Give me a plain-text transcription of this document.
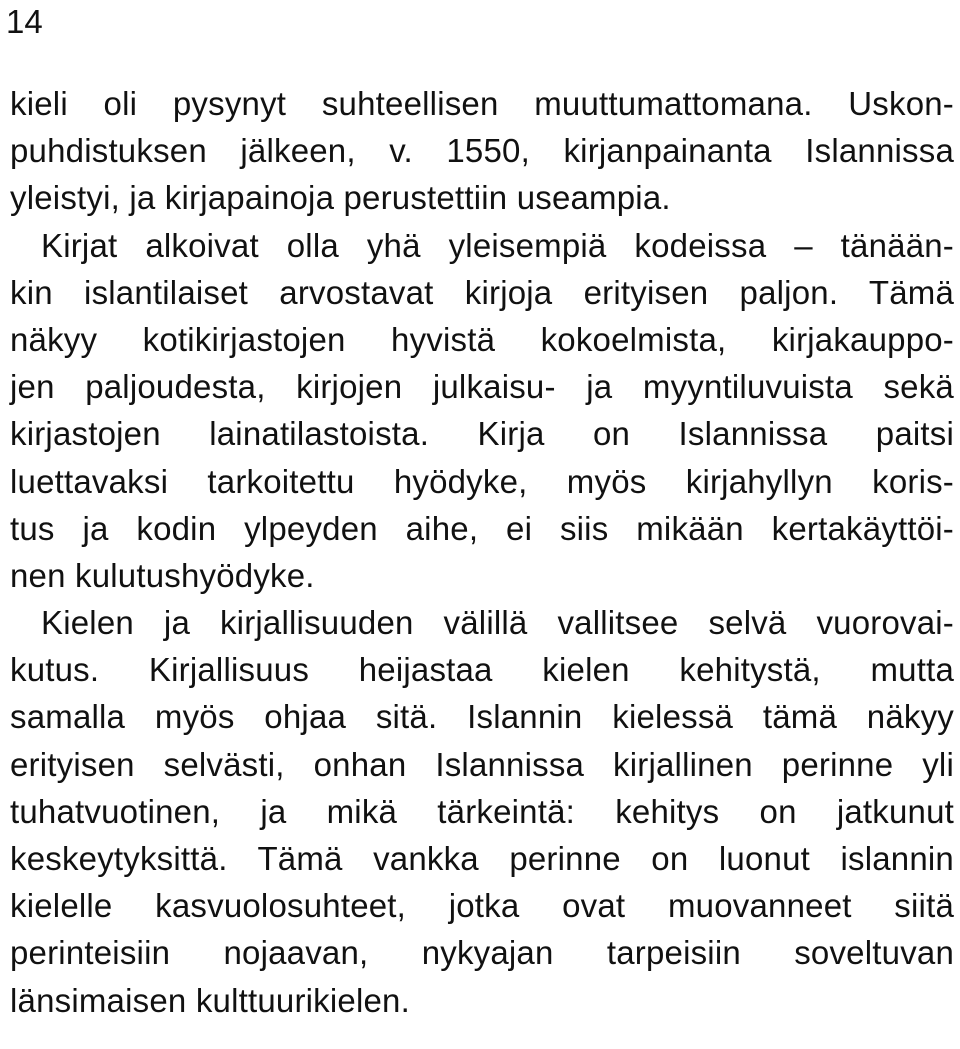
14
kieli oli pysynyt suhteellisen muuttumattomana. Uskon-
puhdistuksen jälkeen, v. 1550, kirjanpainanta Islannissa
yleistyi, ja kirjapainoja perustettiin useampia.
Kirjat alkoivat olla yhä yleisempiä kodeissa – tänään-
kin islantilaiset arvostavat kirjoja erityisen paljon. Tämä
näkyy kotikirjastojen hyvistä kokoelmista, kirjakauppo-
jen paljoudesta, kirjojen julkaisu- ja myyntiluvuista sekä
kirjastojen lainatilastoista. Kirja on Islannissa paitsi
luettavaksi tarkoitettu hyödyke, myös kirjahyllyn koris-
tus ja kodin ylpeyden aihe, ei siis mikään kertakäyttöi-
nen kulutushyödyke.
Kielen ja kirjallisuuden välillä vallitsee selvä vuorovai-
kutus. Kirjallisuus heijastaa kielen kehitystä, mutta
samalla myös ohjaa sitä. Islannin kielessä tämä näkyy
erityisen selvästi, onhan Islannissa kirjallinen perinne yli
tuhatvuotinen, ja mikä tärkeintä: kehitys on jatkunut
keskeytyksittä. Tämä vankka perinne on luonut islannin
kielelle kasvuolosuhteet, jotka ovat muovanneet siitä
perinteisiin nojaavan, nykyajan tarpeisiin soveltuvan
länsimaisen kulttuurikielen.
